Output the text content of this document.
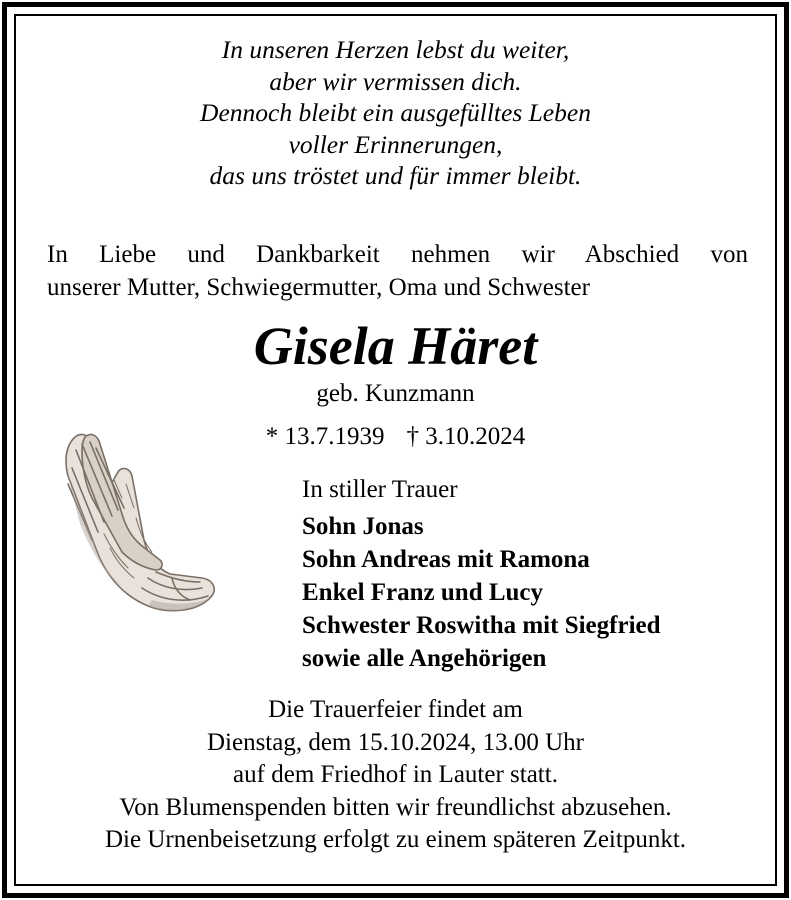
In unseren Herzen lebst du weiter,
aber wir vermissen dich.
Dennoch bleibt ein ausgefülltes Leben
voller Erinnerungen,
das uns tröstet und für immer bleibt.
In Liebe und Dankbarkeit nehmen wir Abschied von
unserer Mutter, Schwiegermutter, Oma und Schwester
Gisela Häret
geb. Kunzmann
* 13.7.1939 † 3.10.2024
In stiller Trauer
Sohn Jonas
Sohn Andreas mit Ramona
Enkel Franz und Lucy
Schwester Roswitha mit Siegfried
sowie alle Angehörigen
Die Trauerfeier findet am
Dienstag, dem 15.10.2024, 13.00 Uhr
auf dem Friedhof in Lauter statt.
Von Blumenspenden bitten wir freundlichst abzusehen.
Die Urnenbeisetzung erfolgt zu einem späteren Zeitpunkt.
